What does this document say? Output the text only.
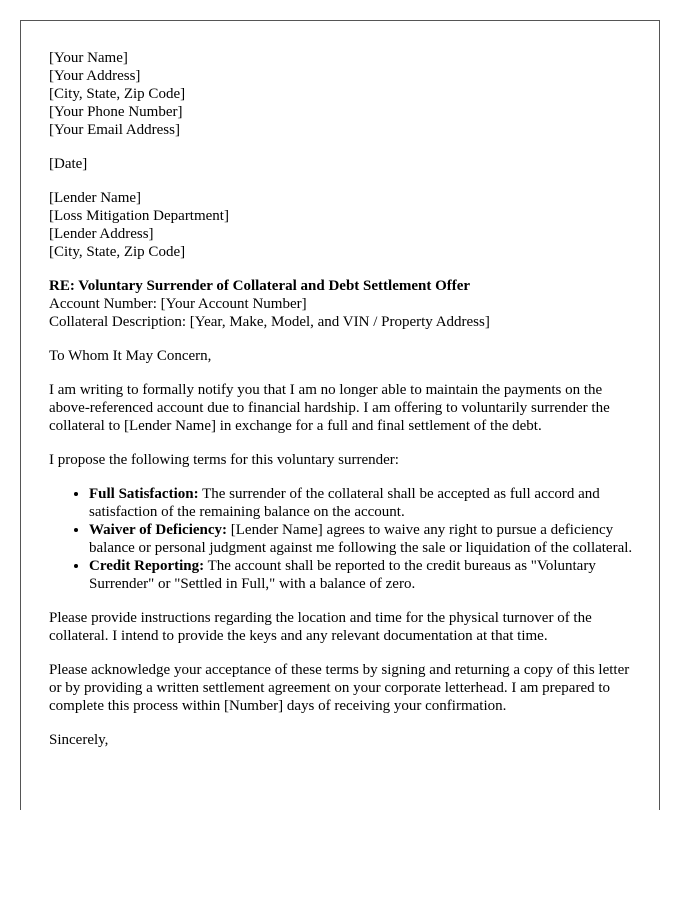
[Your Name]
[Your Address]
[City, State, Zip Code]
[Your Phone Number]
[Your Email Address]
[Date]
[Lender Name]
[Loss Mitigation Department]
[Lender Address]
[City, State, Zip Code]
RE: Voluntary Surrender of Collateral and Debt Settlement Offer
Account Number: [Your Account Number]
Collateral Description: [Year, Make, Model, and VIN / Property Address]

To Whom It May Concern,

I am writing to formally notify you that I am no longer able to maintain the payments on the above-referenced account due to financial hardship. I am offering to voluntarily surrender the collateral to [Lender Name] in exchange for a full and final settlement of the debt.

I propose the following terms for this voluntary surrender:

• Full Satisfaction: The surrender of the collateral shall be accepted as full accord and satisfaction of the remaining balance on the account.
• Waiver of Deficiency: [Lender Name] agrees to waive any right to pursue a deficiency balance or personal judgment against me following the sale or liquidation of the collateral.
• Credit Reporting: The account shall be reported to the credit bureaus as "Voluntary Surrender" or "Settled in Full," with a balance of zero.

Please provide instructions regarding the location and time for the physical turnover of the collateral. I intend to provide the keys and any relevant documentation at that time.

Please acknowledge your acceptance of these terms by signing and returning a copy of this letter or by providing a written settlement agreement on your corporate letterhead. I am prepared to complete this process within [Number] days of receiving your confirmation.

Sincerely,
